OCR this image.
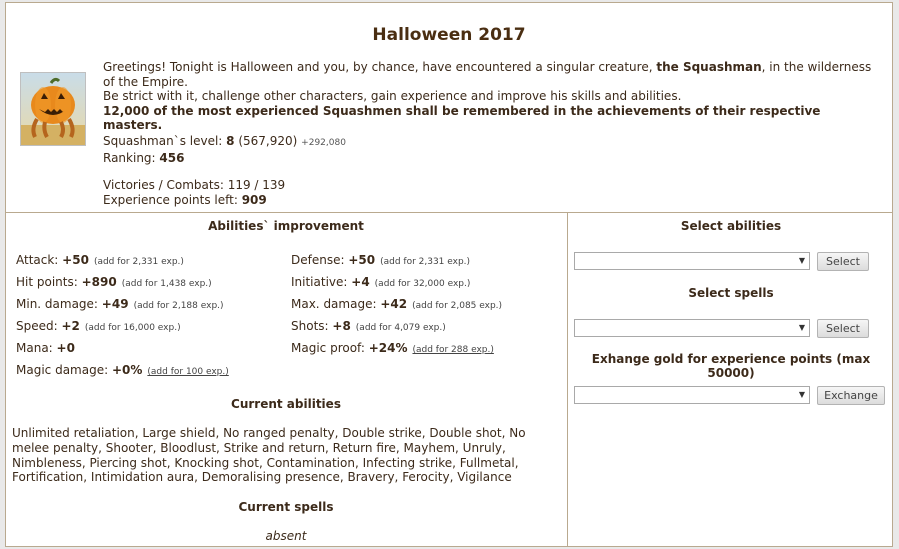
Halloween 2017

Greetings! Tonight is Halloween and you, by chance, have encountered a singular creature, the Squashman, in the wilderness of the Empire.

Be strict with it, challenge other characters, gain experience and improve his skills and abilities.

12,000 of the most experienced Squashmen shall be remembered in the achievements of their respective masters.

Squashman`s level: 8 (567,920) +292,080
Ranking: 456
Victories / Combats: 119 / 139
Experience points left: 909
Abilities` improvement
Attack: +50 (add for 2,331 exp.)	Defense: +50 (add for 2,331 exp.)
Hit points: +890 (add for 1,438 exp.)	Initiative: +4 (add for 32,000 exp.)
Min. damage: +49 (add for 2,188 exp.)	Max. damage: +42 (add for 2,085 exp.)
Speed: +2 (add for 16,000 exp.)	Shots: +8 (add for 4,079 exp.)
Mana: +0	Magic proof: +24% (add for 288 exp.)
Magic damage: +0% (add for 100 exp.)
Current abilities
Unlimited retaliation, Large shield, No ranged penalty, Double strike, Double shot, No melee penalty, Shooter, Bloodlust, Strike and return, Return fire, Mayhem, Unruly, Nimbleness, Piercing shot, Knocking shot, Contamination, Infecting strike, Fullmetal, Fortification, Intimidation aura, Demoralising presence, Bravery, Ferocity, Vigilance
Current spells
absent
Select abilities
▼	Select
Select spells
▼	Select
Exhange gold for experience points (max 50000)
▼	Exchange
